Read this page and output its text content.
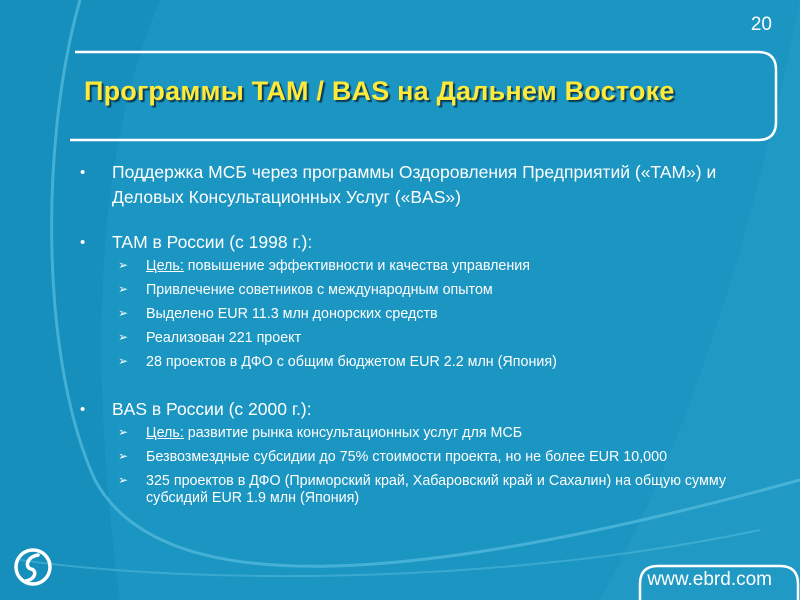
20
Программы TAM / BAS на Дальнем Востоке
• Поддержка МСБ через программы Оздоровления Предприятий («TAM») и Деловых Консультационных Услуг («BAS»)
• TAM в России (с 1998 г.):
➢ Цель: повышение эффективности и качества управления
➢ Привлечение советников с международным опытом
➢ Выделено EUR 11.3 млн донорских средств
➢ Реализован 221 проект
➢ 28 проектов в ДФО с общим бюджетом EUR 2.2 млн (Япония)
• BAS в России (с 2000 г.):
➢ Цель: развитие рынка консультационных услуг для МСБ
➢ Безвозмездные субсидии до 75% стоимости проекта, но не более EUR 10,000
➢ 325 проектов в ДФО (Приморский край, Хабаровский край и Сахалин) на общую сумму субсидий EUR 1.9 млн (Япония)
www.ebrd.com
